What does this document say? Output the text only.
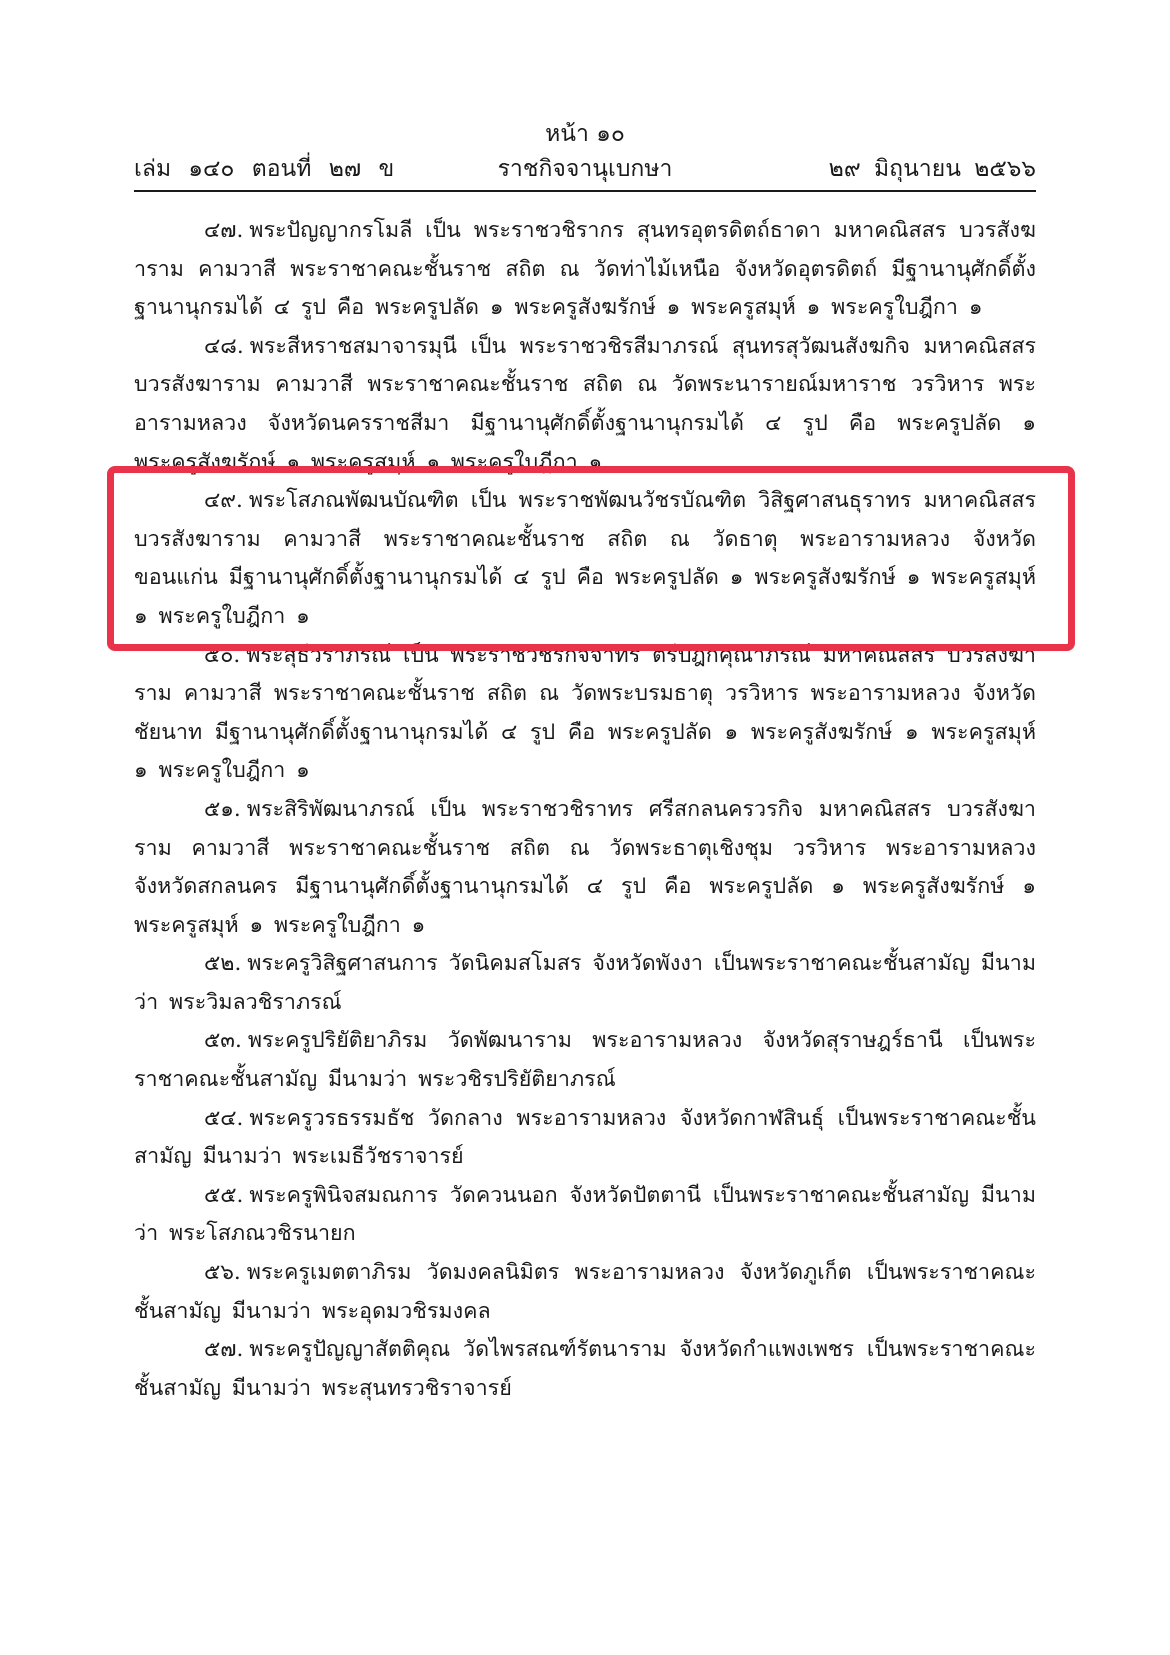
หน้า ๑๐
เล่ม ๑๔๐ ตอนที่ ๒๗ ข	ราชกิจจานุเบกษา	๒๙ มิถุนายน ๒๕๖๖

๔๗. พระปัญญากรโมลี เป็น พระราชวชิรากร สุนทรอุตรดิตถ์ธาดา มหาคณิสสร บวรสังฆาราม คามวาสี พระราชาคณะชั้นราช สถิต ณ วัดท่าไม้เหนือ จังหวัดอุตรดิตถ์ มีฐานานุศักดิ์ตั้งฐานานุกรมได้ ๔ รูป คือ พระครูปลัด ๑ พระครูสังฆรักษ์ ๑ พระครูสมุห์ ๑ พระครูใบฎีกา ๑

๔๘. พระสีหราชสมาจารมุนี เป็น พระราชวชิรสีมาภรณ์ สุนทรสุวัฒนสังฆกิจ มหาคณิสสร บวรสังฆาราม คามวาสี พระราชาคณะชั้นราช สถิต ณ วัดพระนารายณ์มหาราช วรวิหาร พระอารามหลวง จังหวัดนครราชสีมา มีฐานานุศักดิ์ตั้งฐานานุกรมได้ ๔ รูป คือ พระครูปลัด ๑ พระครูสังฆรักษ์ ๑ พระครูสมุห์ ๑ พระครูใบฎีกา ๑

๔๙. พระโสภณพัฒนบัณฑิต เป็น พระราชพัฒนวัชรบัณฑิต วิสิฐศาสนธุราทร มหาคณิสสร บวรสังฆาราม คามวาสี พระราชาคณะชั้นราช สถิต ณ วัดธาตุ พระอารามหลวง จังหวัดขอนแก่น มีฐานานุศักดิ์ตั้งฐานานุกรมได้ ๔ รูป คือ พระครูปลัด ๑ พระครูสังฆรักษ์ ๑ พระครูสมุห์ ๑ พระครูใบฎีกา ๑

๕๐. พระสุธีวราภรณ์ เป็น พระราชวชิรกิจจาทร ตรีปิฎกคุณาภรณ์ มหาคณิสสร บวรสังฆาราม คามวาสี พระราชาคณะชั้นราช สถิต ณ วัดพระบรมธาตุ วรวิหาร พระอารามหลวง จังหวัดชัยนาท มีฐานานุศักดิ์ตั้งฐานานุกรมได้ ๔ รูป คือ พระครูปลัด ๑ พระครูสังฆรักษ์ ๑ พระครูสมุห์ ๑ พระครูใบฎีกา ๑

๕๑. พระสิริพัฒนาภรณ์ เป็น พระราชวชิราทร ศรีสกลนครวรกิจ มหาคณิสสร บวรสังฆาราม คามวาสี พระราชาคณะชั้นราช สถิต ณ วัดพระธาตุเชิงชุม วรวิหาร พระอารามหลวง จังหวัดสกลนคร มีฐานานุศักดิ์ตั้งฐานานุกรมได้ ๔ รูป คือ พระครูปลัด ๑ พระครูสังฆรักษ์ ๑ พระครูสมุห์ ๑ พระครูใบฎีกา ๑

๕๒. พระครูวิสิฐศาสนการ วัดนิคมสโมสร จังหวัดพังงา เป็นพระราชาคณะชั้นสามัญ มีนามว่า พระวิมลวชิราภรณ์

๕๓. พระครูปริยัติยาภิรม วัดพัฒนาราม พระอารามหลวง จังหวัดสุราษฎร์ธานี เป็นพระราชาคณะชั้นสามัญ มีนามว่า พระวชิรปริยัติยาภรณ์

๕๔. พระครูวรธรรมธัช วัดกลาง พระอารามหลวง จังหวัดกาฬสินธุ์ เป็นพระราชาคณะชั้นสามัญ มีนามว่า พระเมธีวัชราจารย์

๕๕. พระครูพินิจสมณการ วัดควนนอก จังหวัดปัตตานี เป็นพระราชาคณะชั้นสามัญ มีนามว่า พระโสภณวชิรนายก

๕๖. พระครูเมตตาภิรม วัดมงคลนิมิตร พระอารามหลวง จังหวัดภูเก็ต เป็นพระราชาคณะชั้นสามัญ มีนามว่า พระอุดมวชิรมงคล

๕๗. พระครูปัญญาสัตติคุณ วัดไพรสณฑ์รัตนาราม จังหวัดกำแพงเพชร เป็นพระราชาคณะชั้นสามัญ มีนามว่า พระสุนทรวชิราจารย์
